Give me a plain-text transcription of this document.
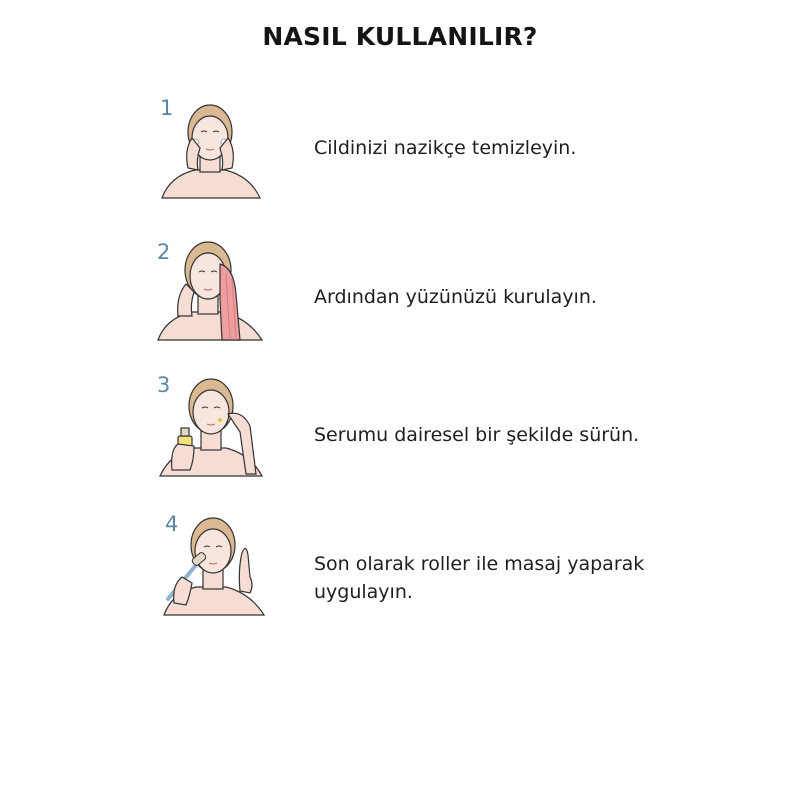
NASIL KULLANILIR?
1
Cildinizi nazikçe temizleyin.
2
Ardından yüzünüzü kurulayın.
3
Serumu dairesel bir şekilde sürün.
4
Son olarak roller ile masaj yaparak uygulayın.
